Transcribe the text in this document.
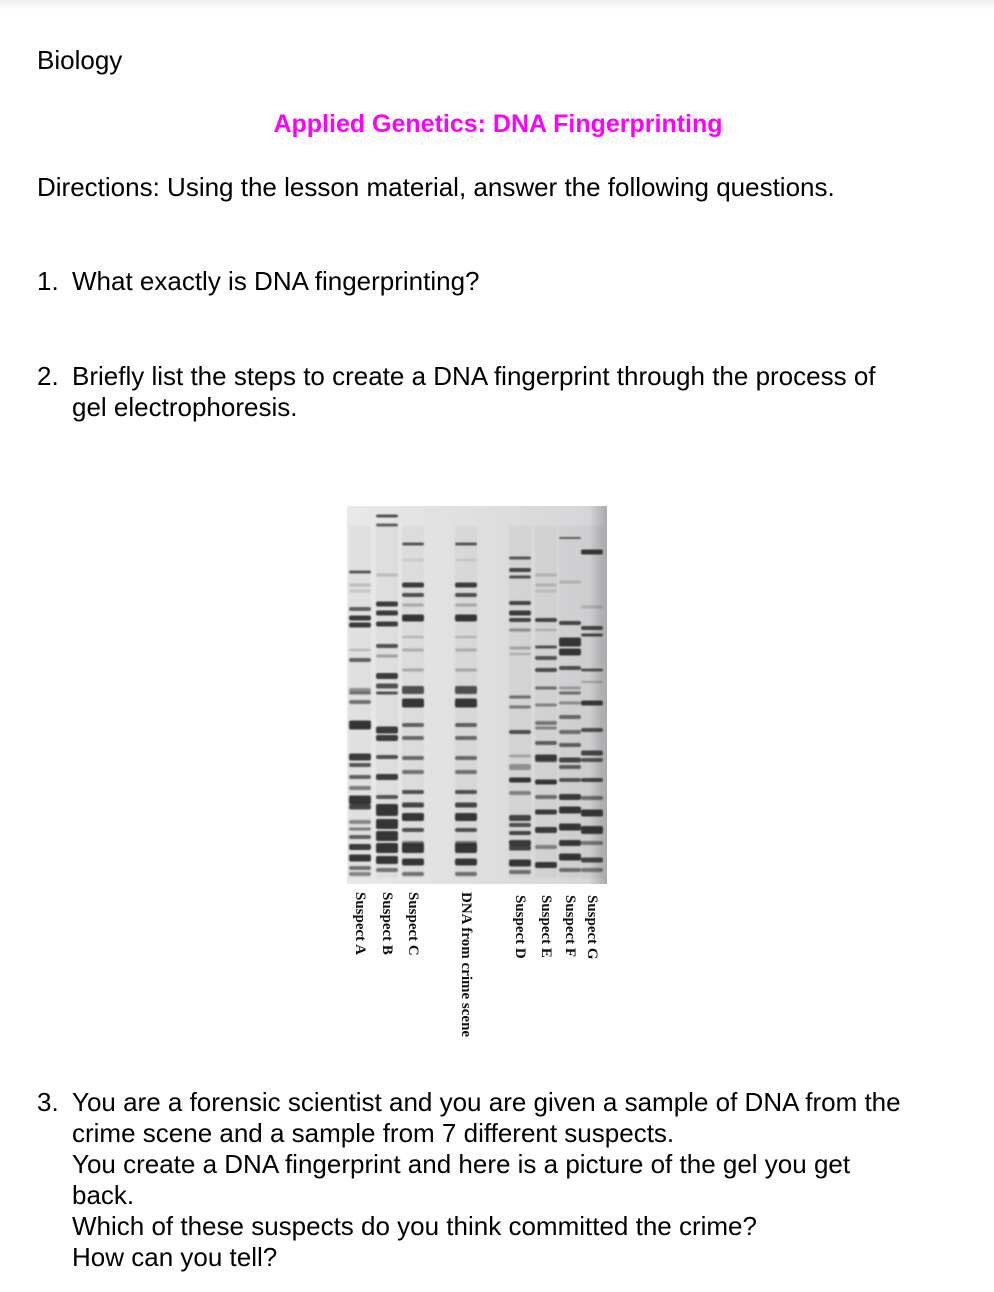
Biology
Applied Genetics: DNA Fingerprinting

Directions: Using the lesson material, answer the following questions.

1. What exactly is DNA fingerprinting?
2. Briefly list the steps to create a DNA fingerprint through the process of
gel electrophoresis.
Suspect A Suspect B Suspect C DNA from crime scene	Suspect D Suspect E Suspect F Suspect G
3. You are a forensic scientist and you are given a sample of DNA from the
crime scene and a sample from 7 different suspects.
You create a DNA fingerprint and here is a picture of the gel you get
back.
Which of these suspects do you think committed the crime?
How can you tell?
